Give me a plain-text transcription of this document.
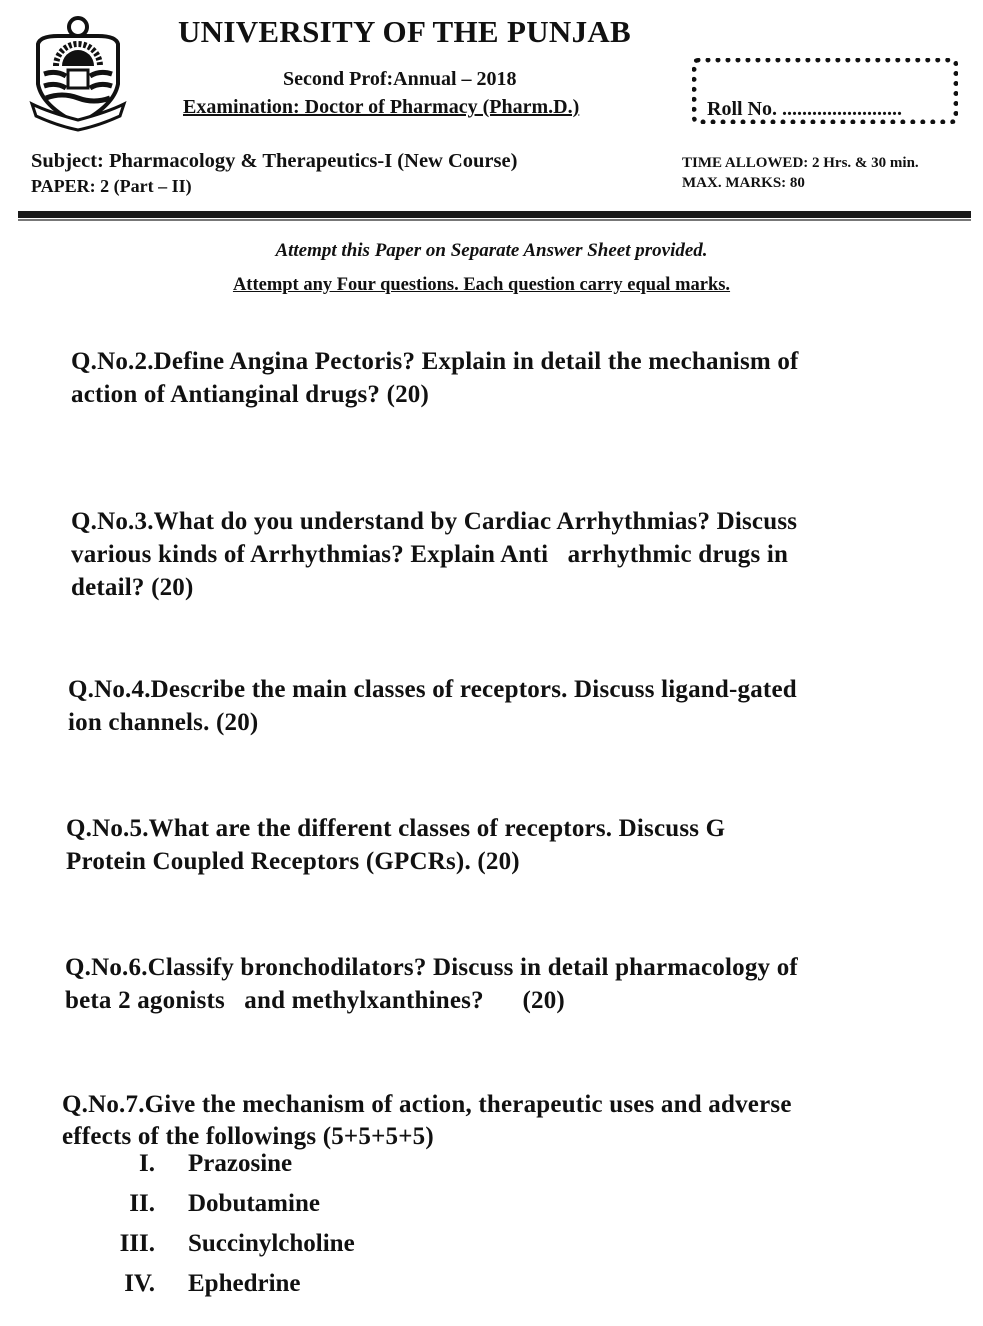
UNIVERSITY OF THE PUNJAB
Second Prof:Annual – 2018
Examination: Doctor of Pharmacy (Pharm.D.)	Roll No. ........................
Subject: Pharmacology & Therapeutics-I (New Course)
PAPER: 2 (Part – II)
TIME ALLOWED: 2 Hrs. & 30 min.
MAX. MARKS: 80
Attempt this Paper on Separate Answer Sheet provided.
Attempt any Four questions. Each question carry equal marks.
Q.No.2.Define Angina Pectoris? Explain in detail the mechanism of
action of Antianginal drugs? (20)
Q.No.3.What do you understand by Cardiac Arrhythmias? Discuss
various kinds of Arrhythmias? Explain Anti   arrhythmic drugs in
detail? (20)
Q.No.4.Describe the main classes of receptors. Discuss ligand-gated
ion channels. (20)
Q.No.5.What are the different classes of receptors. Discuss G
Protein Coupled Receptors (GPCRs). (20)
Q.No.6.Classify bronchodilators? Discuss in detail pharmacology of
beta 2 agonists   and methylxanthines?      (20)
Q.No.7.Give the mechanism of action, therapeutic uses and adverse
effects of the followings (5+5+5+5)
I. Prazosine
II. Dobutamine
III. Succinylcholine
IV. Ephedrine
